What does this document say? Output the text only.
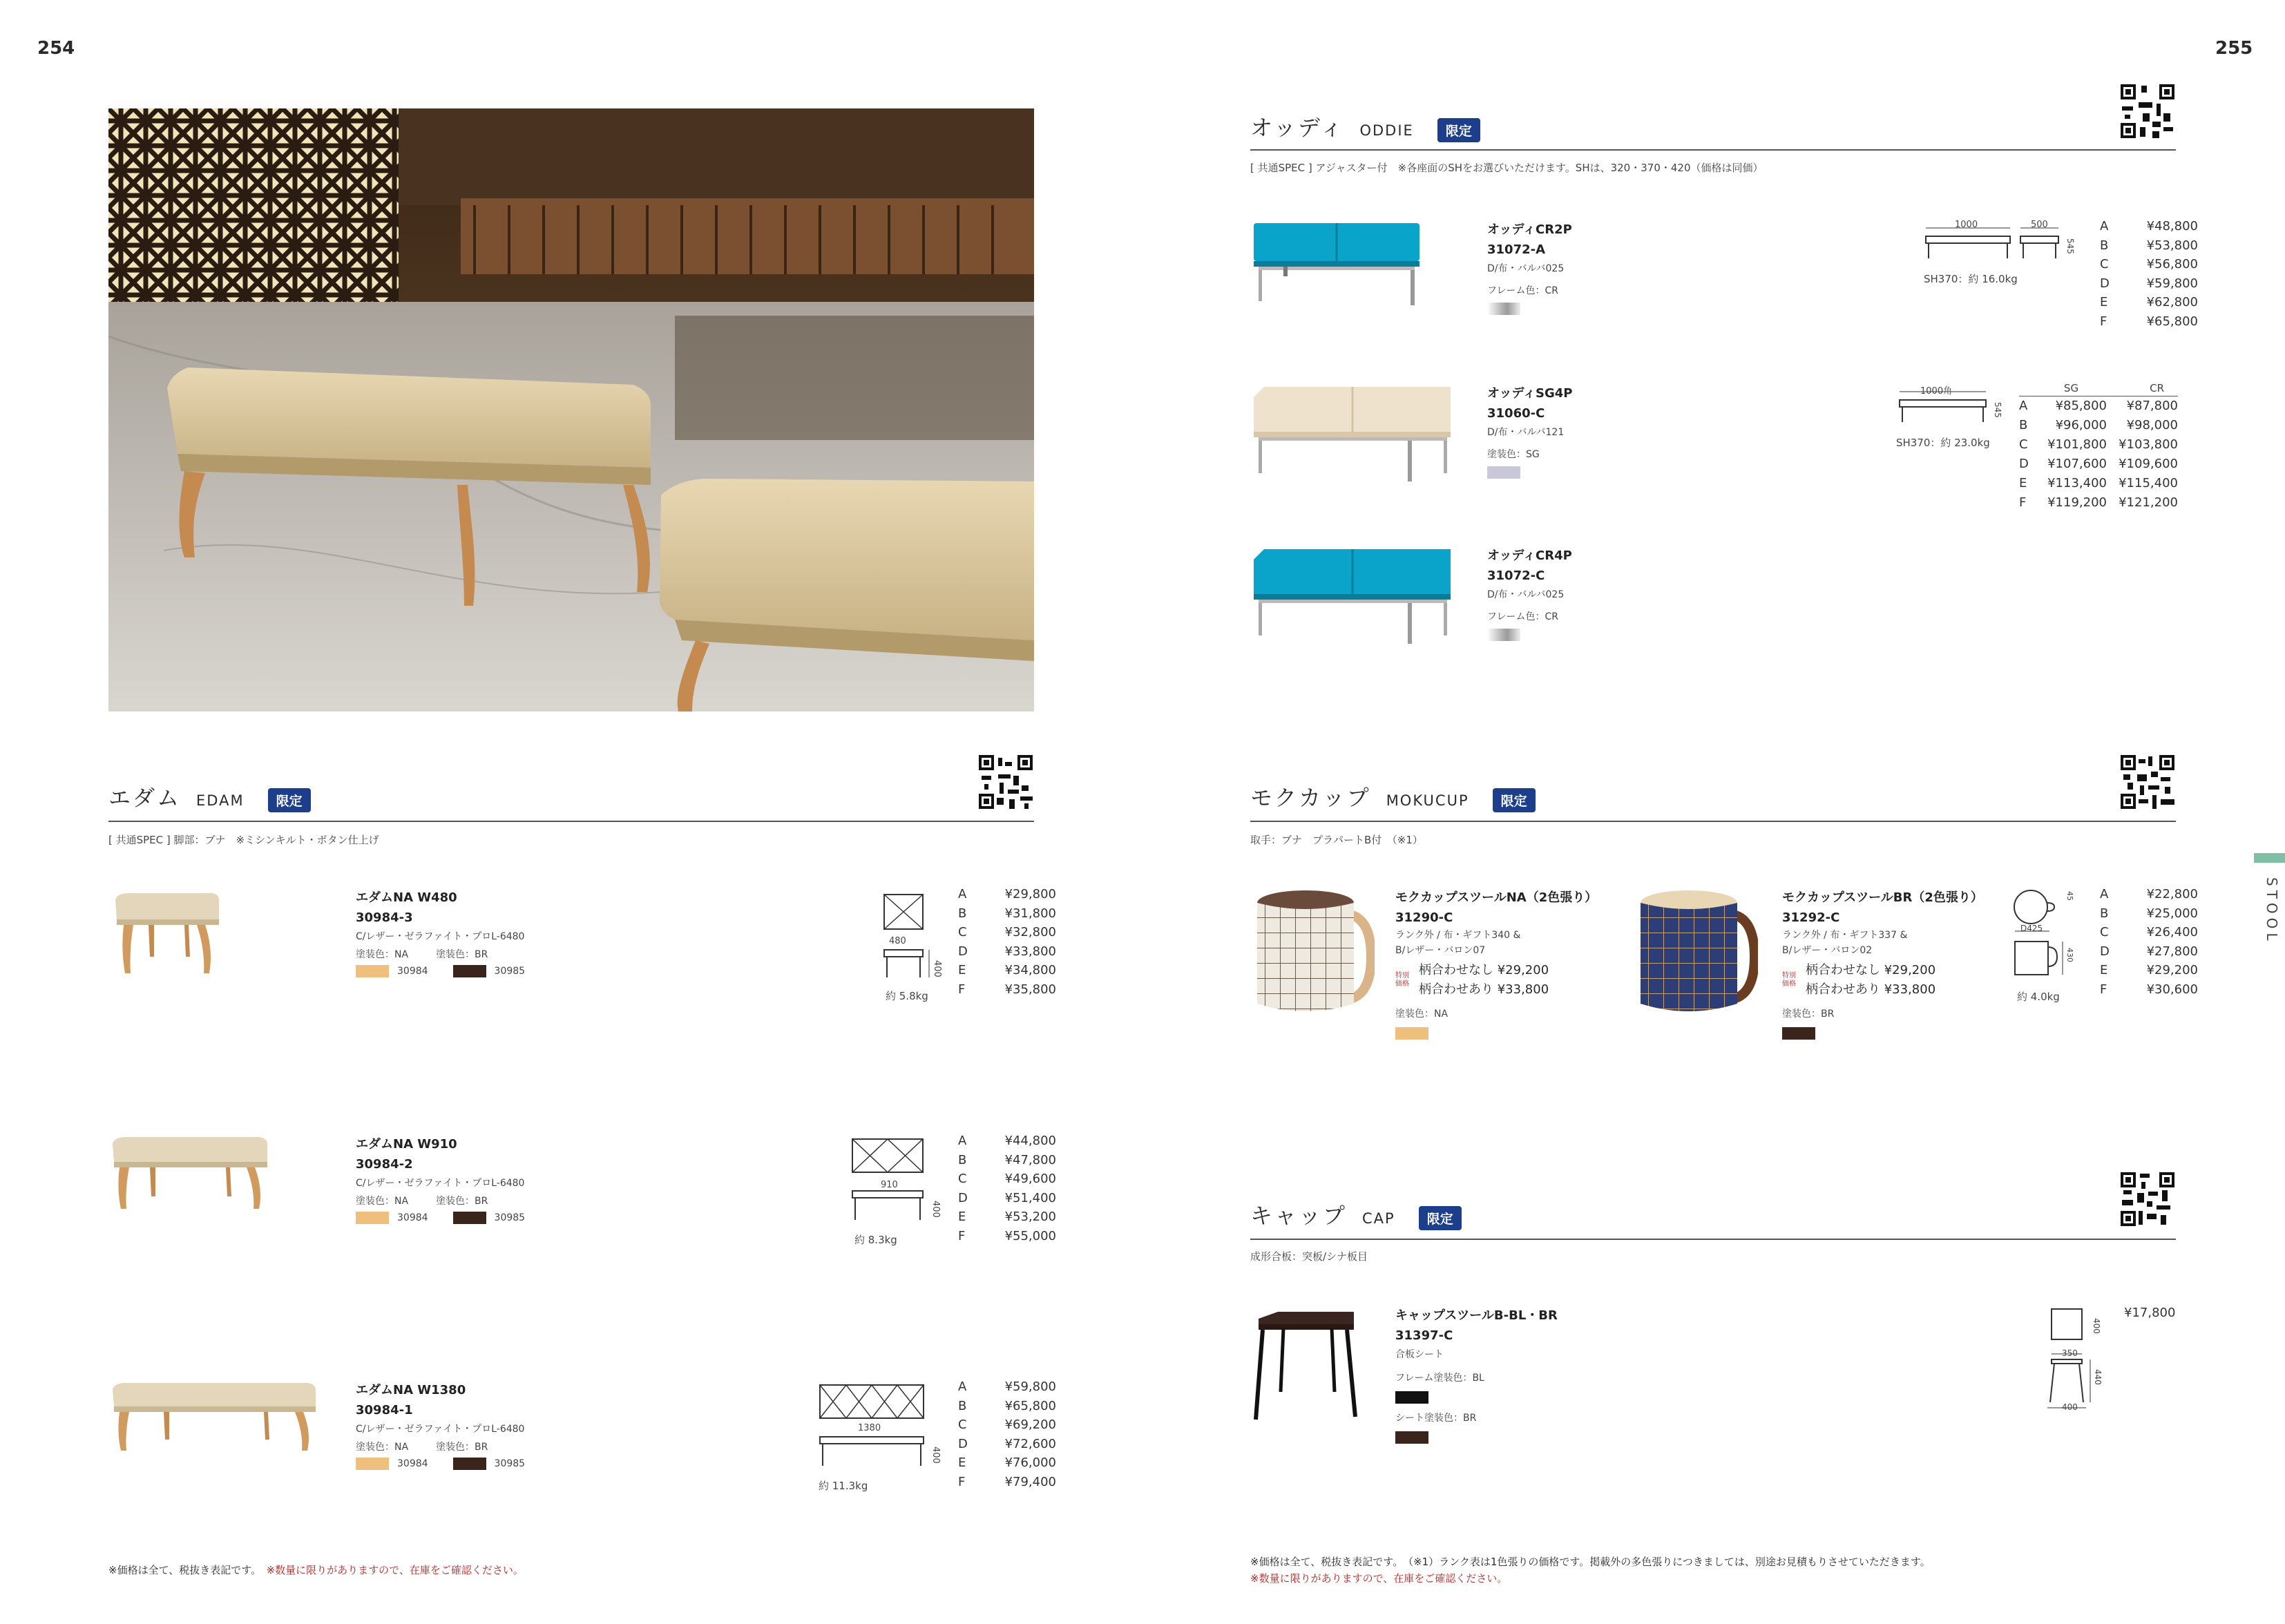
254	255
エダム EDAM	限定
[ 共通SPEC ] 脚部：ブナ　※ミシンキルト・ボタン仕上げ
エダムNA W480
30984-3
C/レザー・ゼラファイト・プロL-6480
塗装色：NA	塗装色：BR
30984	30985
480
400
約 5.8kg
A	¥29,800
B	¥31,800
C	¥32,800
D	¥33,800
E	¥34,800
F	¥35,800
エダムNA W910
30984-2
C/レザー・ゼラファイト・プロL-6480
塗装色：NA	塗装色：BR
30984	30985
910
400
約 8.3kg
A	¥44,800
B	¥47,800
C	¥49,600
D	¥51,400
E	¥53,200
F	¥55,000
エダムNA W1380
30984-1
C/レザー・ゼラファイト・プロL-6480
塗装色：NA	塗装色：BR
30984	30985
1380
400
約 11.3kg
A	¥59,800
B	¥65,800
C	¥69,200
D	¥72,600
E	¥76,000
F	¥79,400
※価格は全て、税抜き表記です。　 ※数量に限りがありますので、在庫をご確認ください。
オッディ ODDIE	限定
[ 共通SPEC ] アジャスター付　※各座面のSHをお選びいただけます。SHは、320・370・420（価格は同価）
オッディCR2P
31072-A
D/布・バルバ025
フレーム色：CR
1000	500
545
SH370：約 16.0kg
A	¥48,800
B	¥53,800
C	¥56,800
D	¥59,800
E	¥62,800
F	¥65,800
オッディSG4P
31060-C
D/布・バルバ121
塗装色：SG
1000角
545
SH370：約 23.0kg
SG	CR
A	¥85,800	¥87,800
B	¥96,000	¥98,000
C	¥101,800 ¥103,800
D	¥107,600 ¥109,600
E	¥113,400 ¥115,400
F	¥119,200 ¥121,200
オッディCR4P
31072-C
D/布・バルバ025
フレーム色：CR
モクカップ MOKUCUP	限定
取手：ブナ　プラパートB付　（※1）
モクカップスツールNA（2色張り）
31290-C
ランク外 / 布・ギフト340 &
B/レザー・バロン07
特別価格
柄合わせなし ¥29,200
柄合わせあり ¥33,800
塗装色：NA
モクカップスツールBR（2色張り）
31292-C
ランク外 / 布・ギフト337 &
B/レザー・バロン02
特別価格
柄合わせなし ¥29,200
柄合わせあり ¥33,800
塗装色：BR
D425
45
430
約 4.0kg
A	¥22,800
B	¥25,000
C	¥26,400
D	¥27,800
E	¥29,200
F	¥30,600
キャップ CAP	限定
成形合板：突板/シナ板目
キャップスツールB-BL・BR
31397-C
合板シート
フレーム塗装色：BL
シート塗装色：BR
400
350
440
400
¥17,800
※価格は全て、税抜き表記です。　（※1）ランク表は1色張りの価格です。掲載外の多色張りにつきましては、別途お見積もりさせていただきます。
※数量に限りがありますので、在庫をご確認ください。
STOOL
